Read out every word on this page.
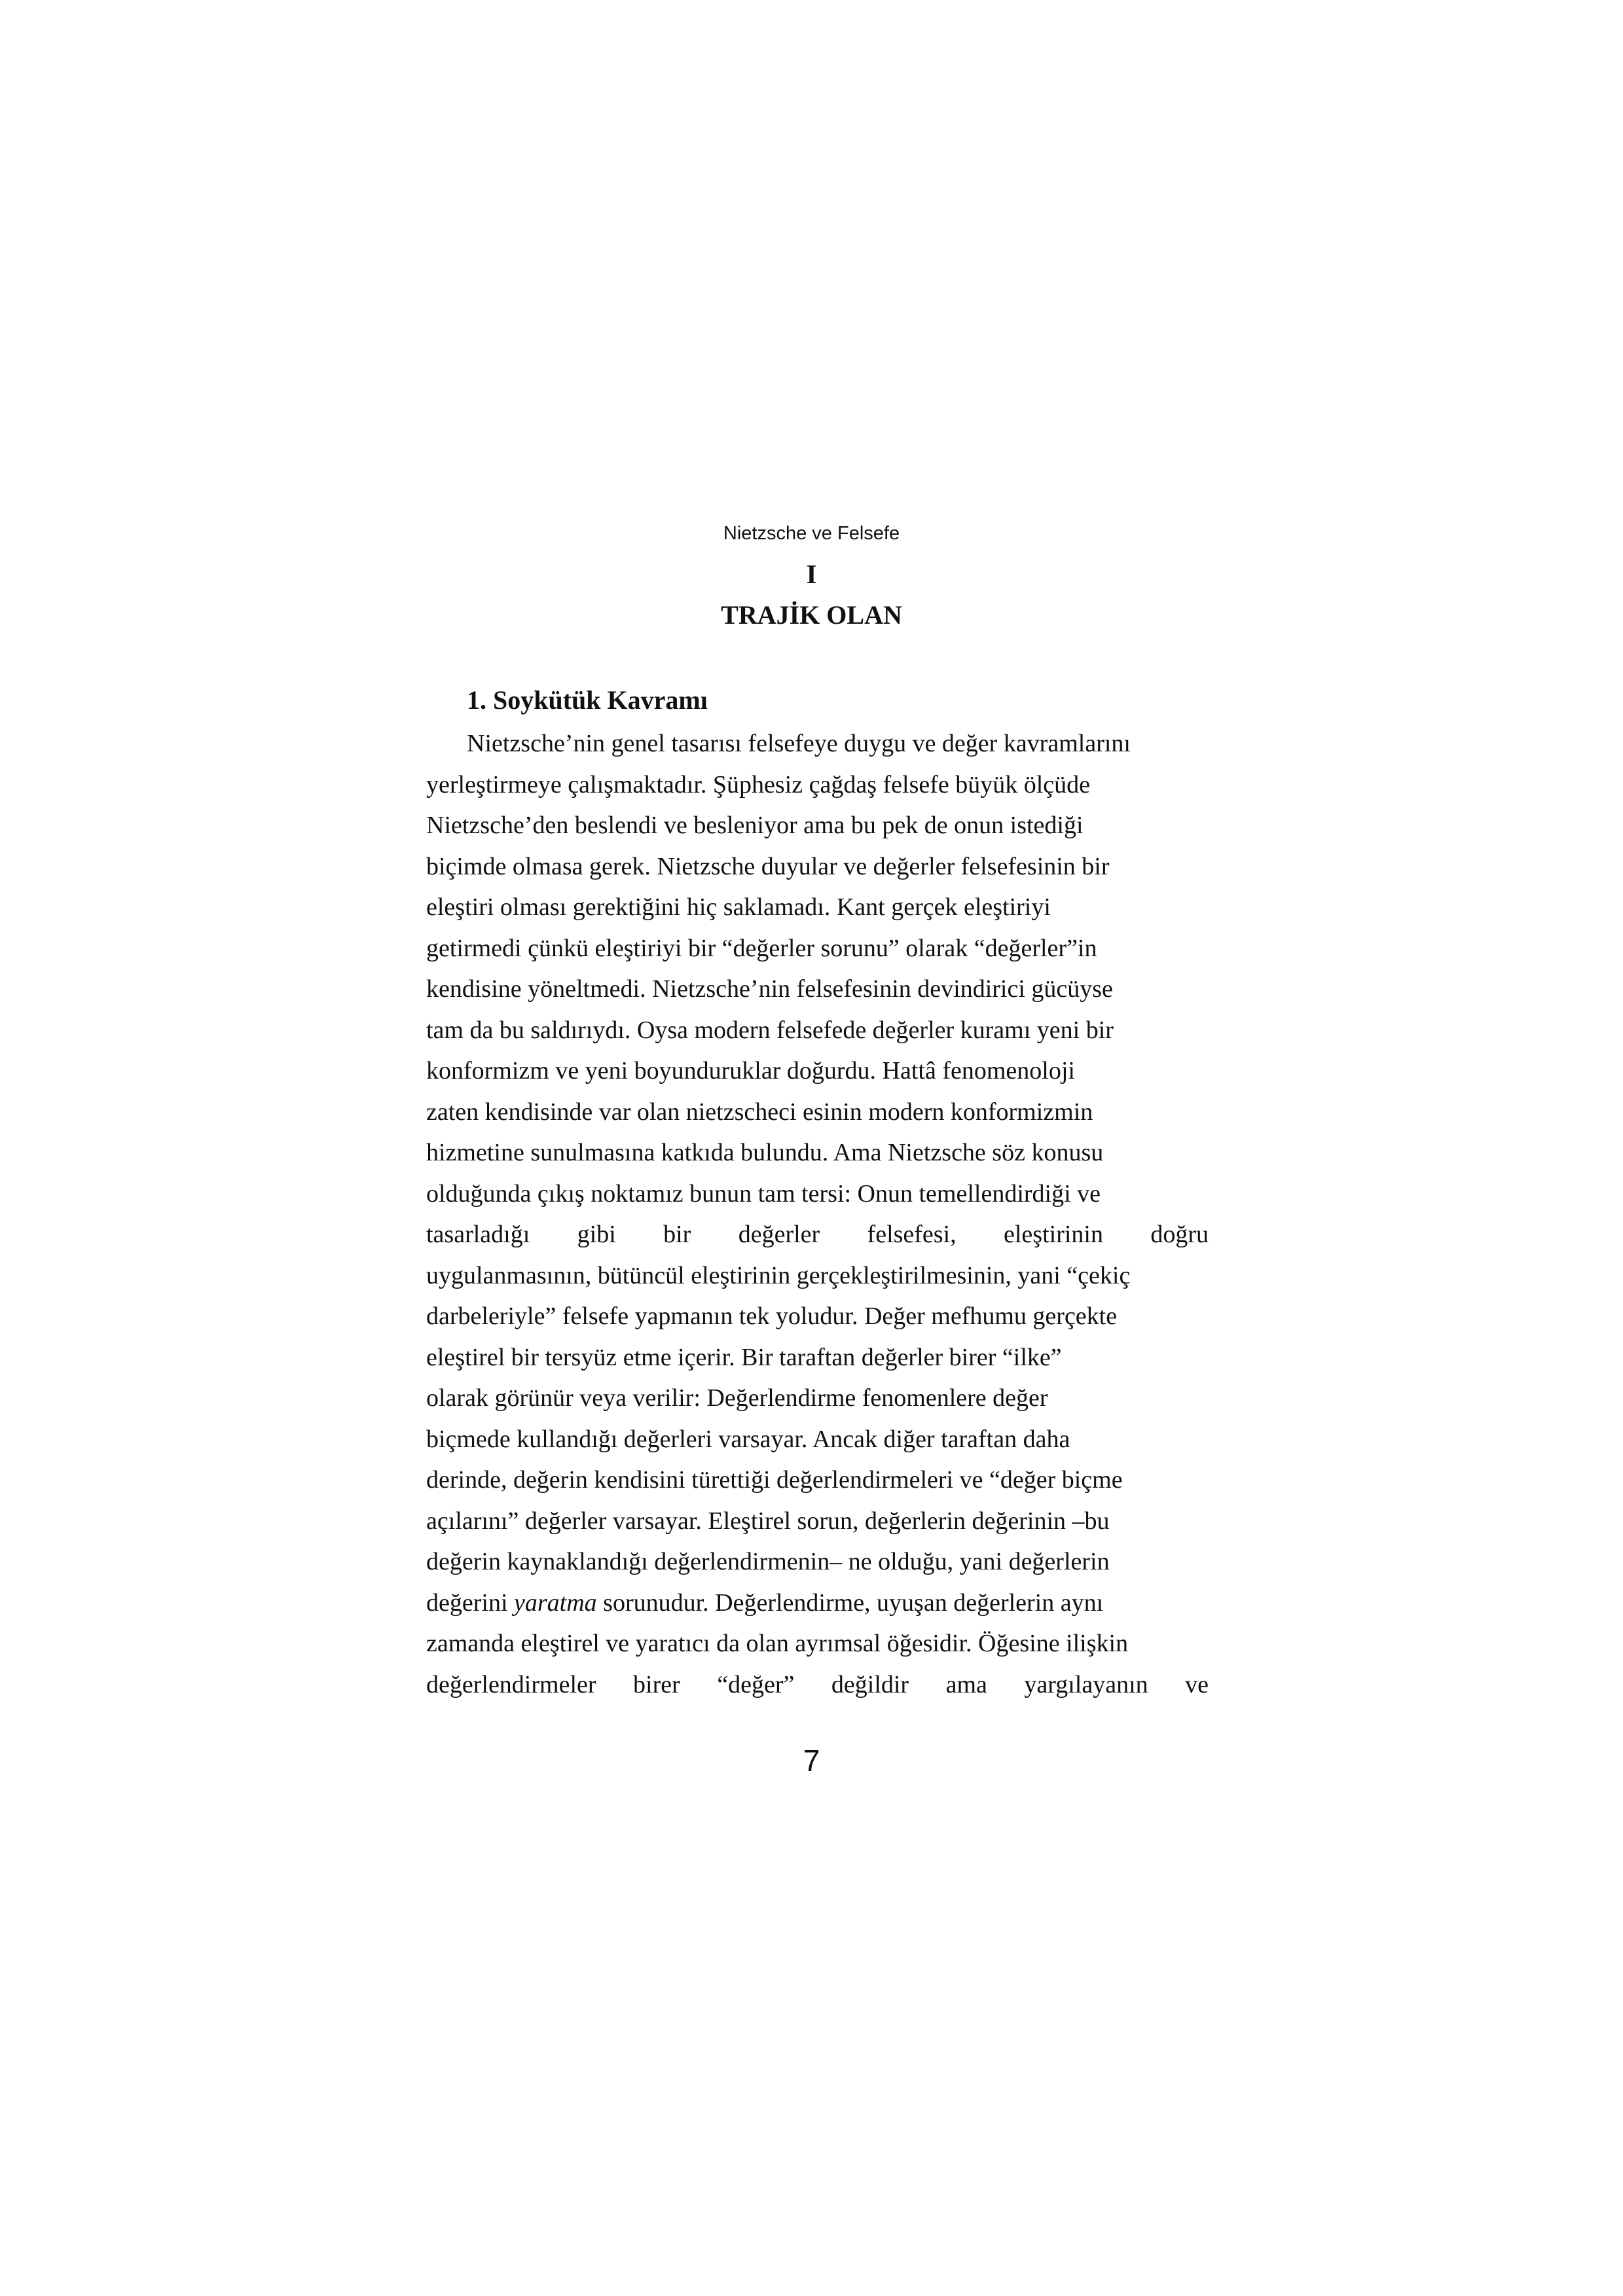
Nietzsche ve Felsefe
I
TRAJİK OLAN
1. Soykütük Kavramı
Nietzsche’nin genel tasarısı felsefeye duygu ve değer kavramlarını
yerleştirmeye çalışmaktadır. Şüphesiz çağdaş felsefe büyük ölçüde
Nietzsche’den beslendi ve besleniyor ama bu pek de onun istediği
biçimde olmasa gerek. Nietzsche duyular ve değerler felsefesinin bir
eleştiri olması gerektiğini hiç saklamadı. Kant gerçek eleştiriyi
getirmedi çünkü eleştiriyi bir “değerler sorunu” olarak “değerler”in
kendisine yöneltmedi. Nietzsche’nin felsefesinin devindirici gücüyse
tam da bu saldırıydı. Oysa modern felsefede değerler kuramı yeni bir
konformizm ve yeni boyunduruklar doğurdu. Hattâ fenomenoloji
zaten kendisinde var olan nietzscheci esinin modern konformizmin
hizmetine sunulmasına katkıda bulundu. Ama Nietzsche söz konusu
olduğunda çıkış noktamız bunun tam tersi: Onun temellendirdiği ve
tasarladığı gibi bir değerler felsefesi, eleştirinin doğru
uygulanmasının, bütüncül eleştirinin gerçekleştirilmesinin, yani “çekiç
darbeleriyle” felsefe yapmanın tek yoludur. Değer mefhumu gerçekte
eleştirel bir tersyüz etme içerir. Bir taraftan değerler birer “ilke”
olarak görünür veya verilir: Değerlendirme fenomenlere değer
biçmede kullandığı değerleri varsayar. Ancak diğer taraftan daha
derinde, değerin kendisini türettiği değerlendirmeleri ve “değer biçme
açılarını” değerler varsayar. Eleştirel sorun, değerlerin değerinin –bu
değerin kaynaklandığı değerlendirmenin– ne olduğu, yani değerlerin
değerini yaratma sorunudur. Değerlendirme, uyuşan değerlerin aynı
zamanda eleştirel ve yaratıcı da olan ayrımsal öğesidir. Öğesine ilişkin
değerlendirmeler birer “değer” değildir ama yargılayanın ve
7
